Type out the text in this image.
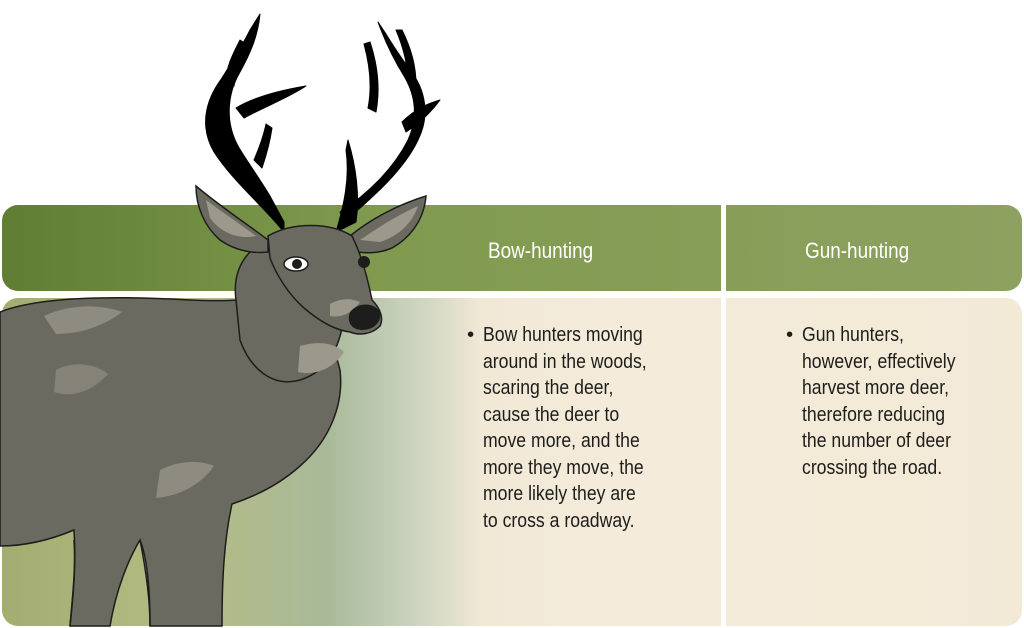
Bow-hunting	Gun-hunting
• Bow hunters moving
around in the woods,
scaring the deer,
cause the deer to
move more, and the
more they move, the
more likely they are
to cross a roadway.
• Gun hunters,
however, effectively
harvest more deer,
therefore reducing
the number of deer
crossing the road.
